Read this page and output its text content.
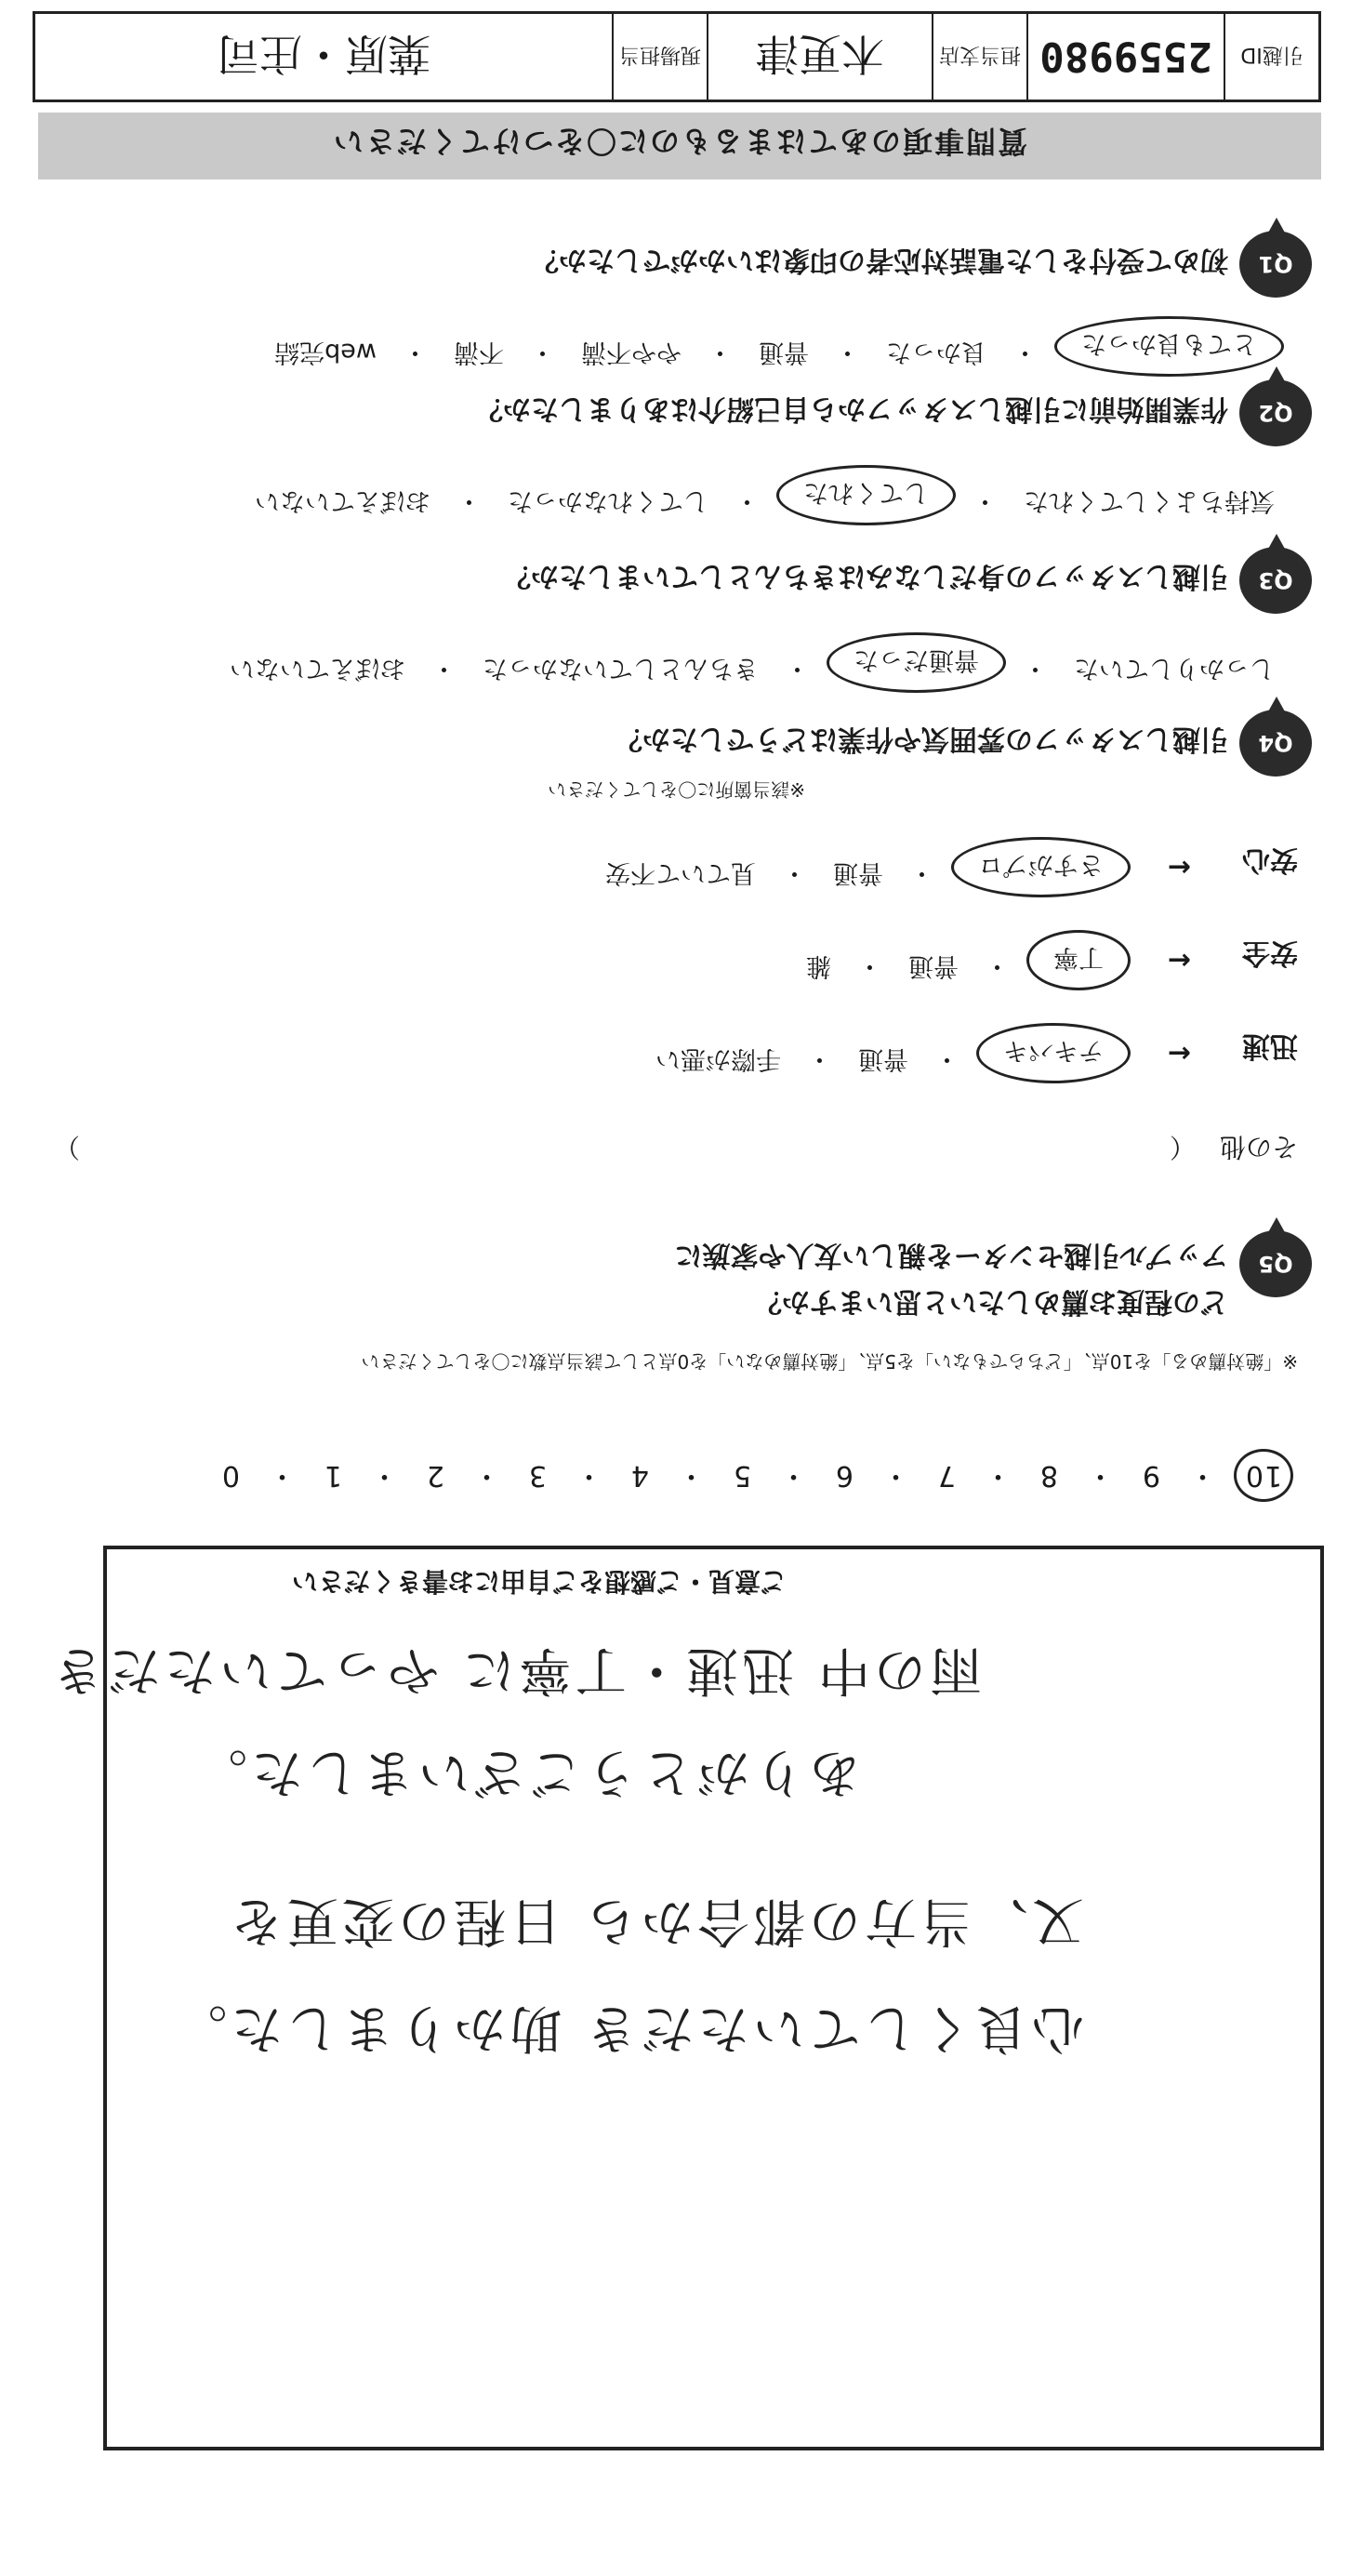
質問事項のあてはまるものに〇をつけてください
Q1
初めて受付をした電話対応者の印象はいかがでしたか？
とても良かった
・
良かった
・
普通
・
やや不満
・
不満
・
web完結
Q2
作業開始前に引越しスタッフから自己紹介はありましたか？
気持ちよくしてくれた
・
してくれた
・
してくれなかった
・
おぼえていない
Q3
引越しスタッフの身だしなみはきちんとしていましたか？
しっかりしていた
・
普通だった
・
きちんとしていなかった
・
おぼえていない
Q4
引越しスタッフの雰囲気や作業はどうでしたか？
※該当箇所に〇をしてください
安心
←
さすがプロ
・
普通
・
見ていて不安
安全
←
丁寧
・
普通
・
雑
迅速
←
テキパキ
・
普通
・
手際が悪い
その他
（
）
Q5
アップル引越センターを親しい友人や家族に
どの程度お薦めしたいと思いますか？
※「絶対薦める」を10点、「どちらでもない」を5点、「絶対薦めない」を0点として該当点数に〇をしてください
10・9・8・7・6・5・4・3・2・1・0
ご意見・ご感想をご自由にお書きください
雨の中 迅速・丁寧に やっていただき
ありがとうございました。
又、当方の都合から 日程の変更を
心良くしていただき 助かりました。
引越ID
2559980
担当支店
木更津
現場担当
葉原・庄司
